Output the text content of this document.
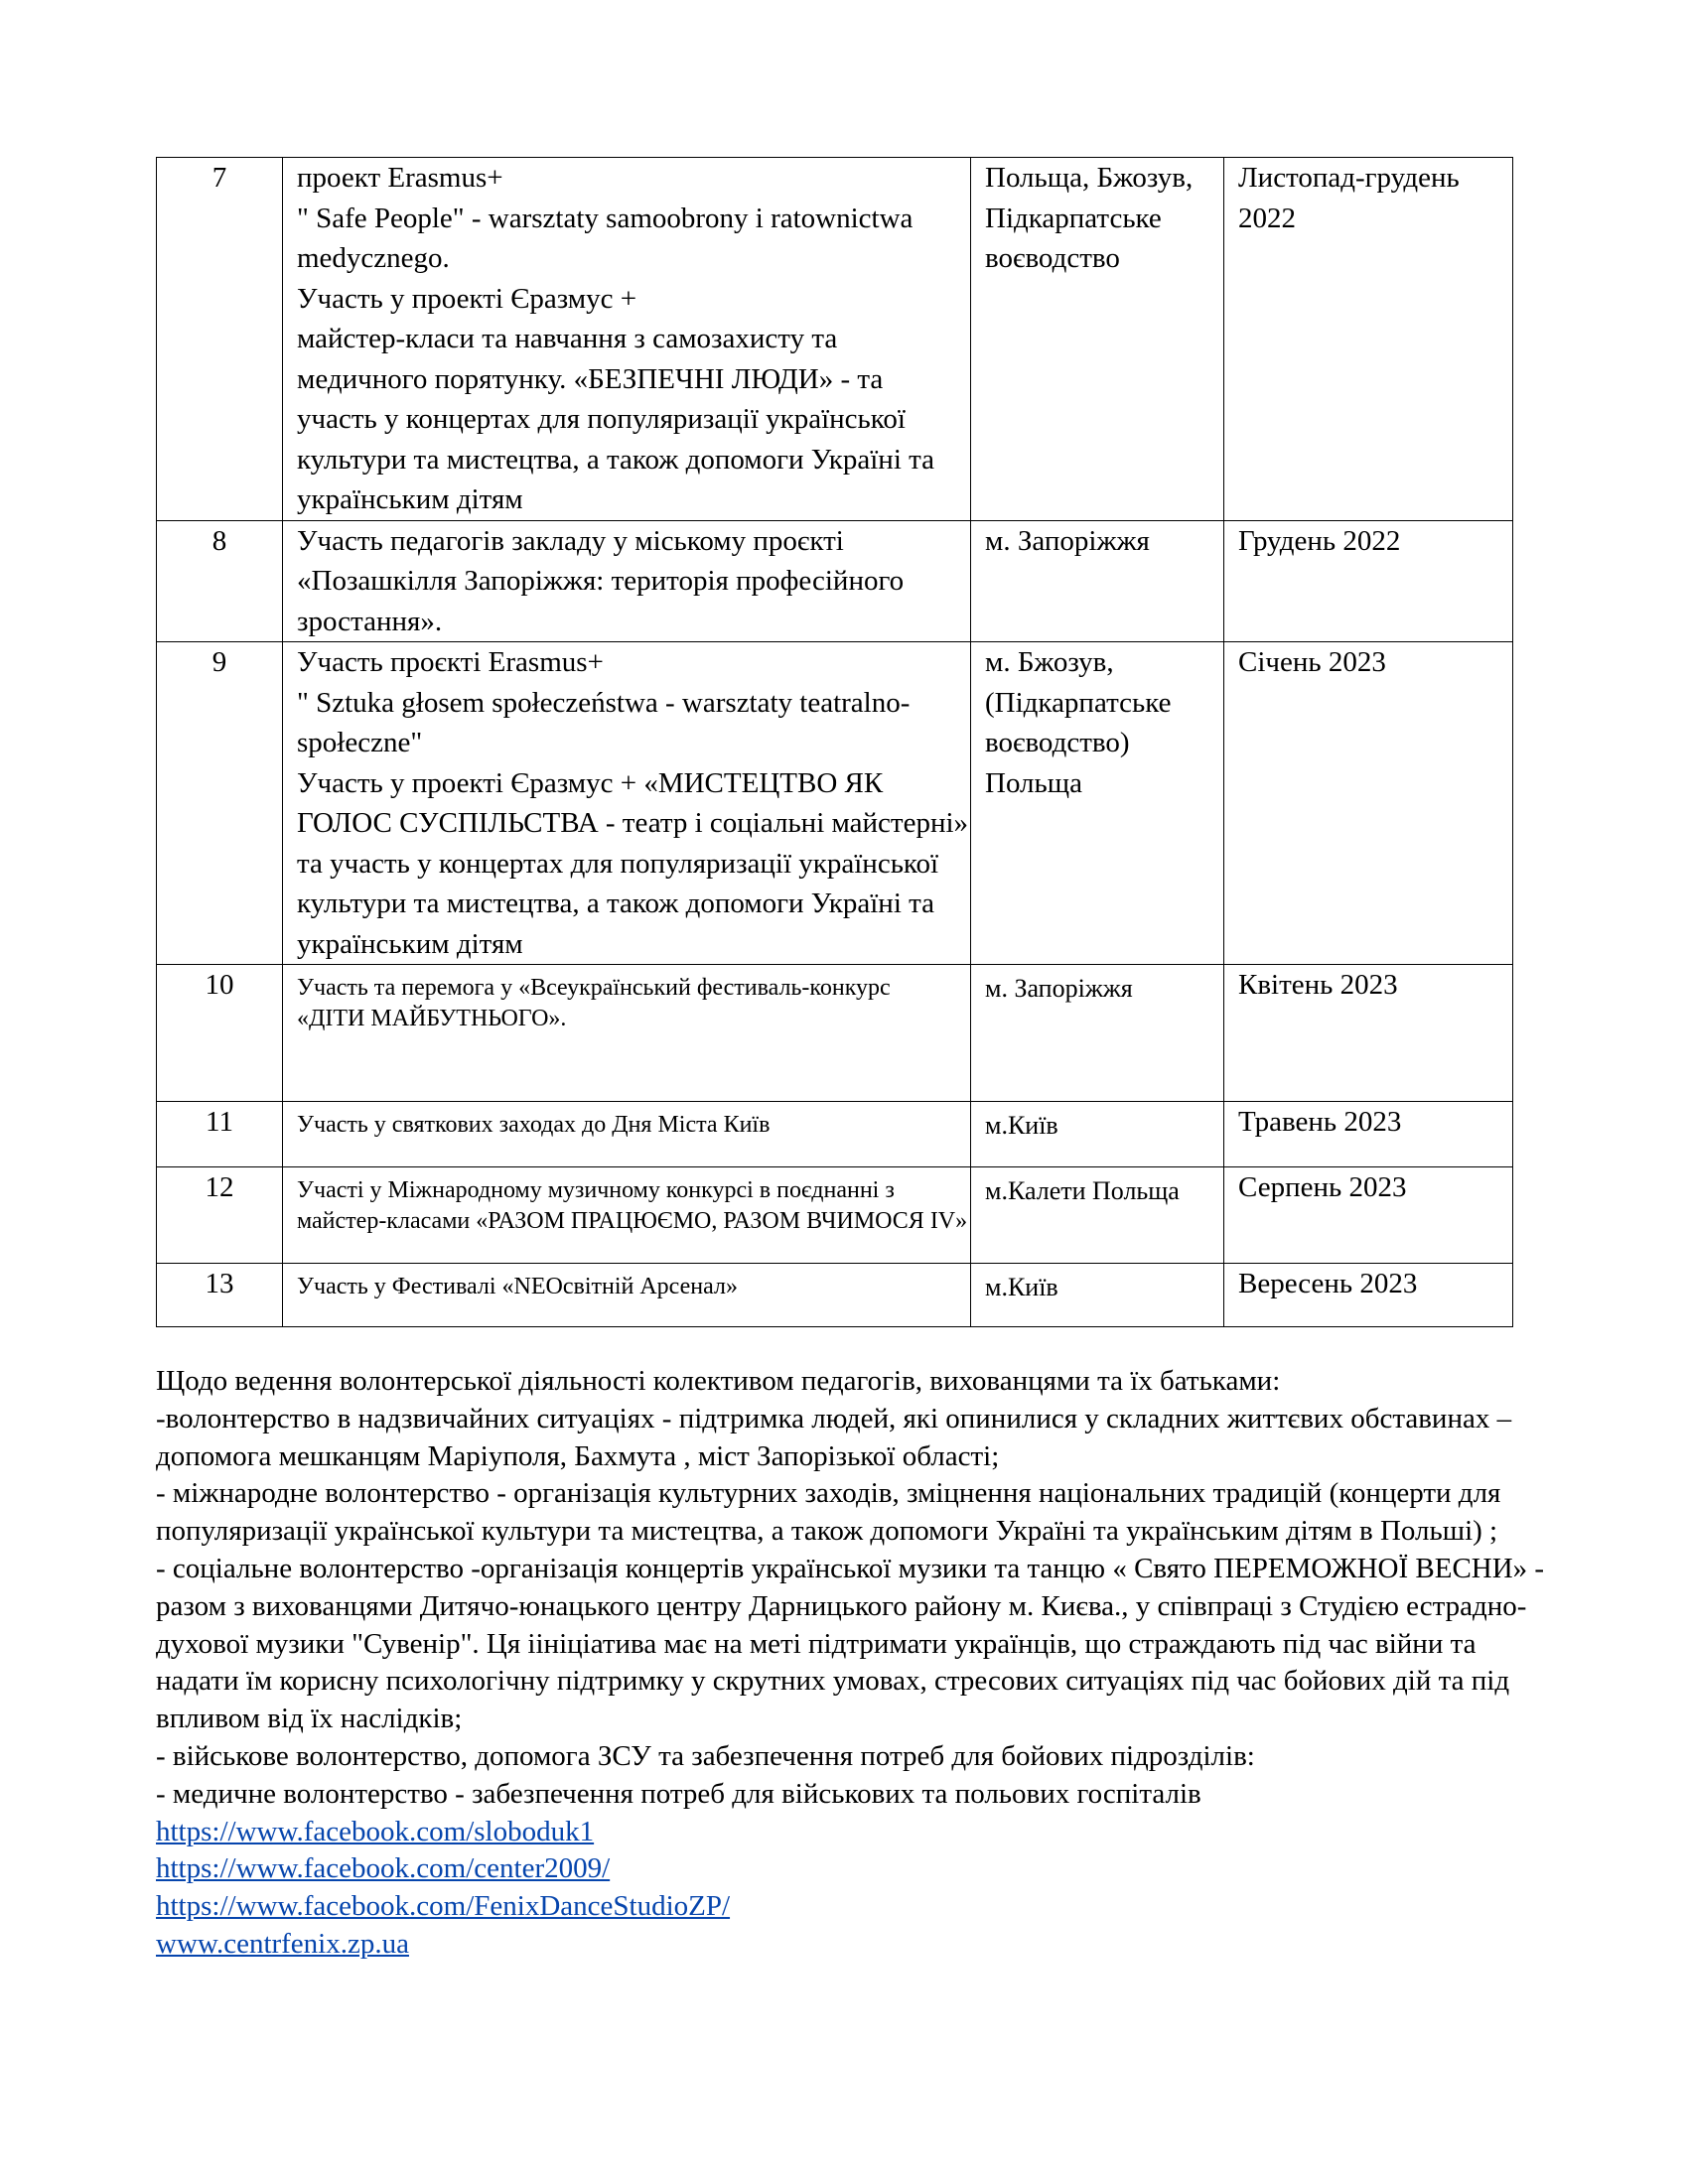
7	проект Erasmus+
" Safe People" - warsztaty samoobrony i ratownictwa medycznego.
Участь у проекті Єразмус +
майстер-класи та навчання з самозахисту та медичного порятунку. «БЕЗПЕЧНІ ЛЮДИ» - та участь у концертах для популяризації української культури та мистецтва, а також допомоги Україні та українським дітям	Польща, Бжозув, Підкарпатське воєводство	Листопад-грудень 2022
8	Участь педагогів закладу у міському проєкті «Позашкілля Запоріжжя: територія професійного зростання».	м. Запоріжжя	Грудень 2022
9	Участь проєкті Erasmus+
" Sztuka głosem społeczeństwa - warsztaty teatralno-społeczne"
Участь у проекті Єразмус + «МИСТЕЦТВО ЯК ГОЛОС СУСПІЛЬСТВА - театр і соціальні майстерні» та участь у концертах для популяризації української культури та мистецтва, а також допомоги Україні та українським дітям	м. Бжозув, (Підкарпатське воєводство) Польща	Січень 2023
10	Участь та перемога у «Всеукраїнський фестиваль-конкурс
«ДІТИ МАЙБУТНЬОГО».	м. Запоріжжя	Квітень 2023
11	Участь у святкових заходах до Дня Міста Київ	м.Київ	Травень 2023
12	Участі у Міжнародному музичному конкурсі в поєднанні з майстер-класами «РАЗОМ ПРАЦЮЄМО, РАЗОМ ВЧИМОСЯ IV»	м.Калети Польща	Серпень 2023
13	Участь у Фестивалі «NEOсвітній Арсенал»	м.Київ	Вересень 2023
Щодо ведення волонтерської діяльності колективом педагогів, вихованцями та їх батьками:
-волонтерство в надзвичайних ситуаціях - підтримка людей, які опинилися у складних життєвих обставинах – допомога мешканцям Маріуполя, Бахмута , міст Запорізької області;
- міжнародне волонтерство - організація культурних заходів, зміцнення національних традицій (концерти для популяризації української культури та мистецтва, а також допомоги Україні та українським дітям в Польші) ;
- соціальне волонтерство -організація концертів української музики та танцю « Свято ПЕРЕМОЖНОЇ ВЕСНИ» - разом з вихованцями Дитячо-юнацького центру Дарницького району м. Києва., у співпраці з Студією естрадно-духової музики "Сувенір". Ця іініціатива має на меті підтримати українців, що страждають під час війни та надати їм корисну психологічну підтримку у скрутних умовах, стресових ситуаціях під час бойових дій та під впливом від їх наслідків;
- військове волонтерство, допомога ЗСУ та забезпечення потреб для бойових підрозділів:
- медичне волонтерство - забезпечення потреб для військових та польових госпіталів
https://www.facebook.com/sloboduk1
https://www.facebook.com/center2009/
https://www.facebook.com/FenixDanceStudioZP/
www.centrfenix.zp.ua
